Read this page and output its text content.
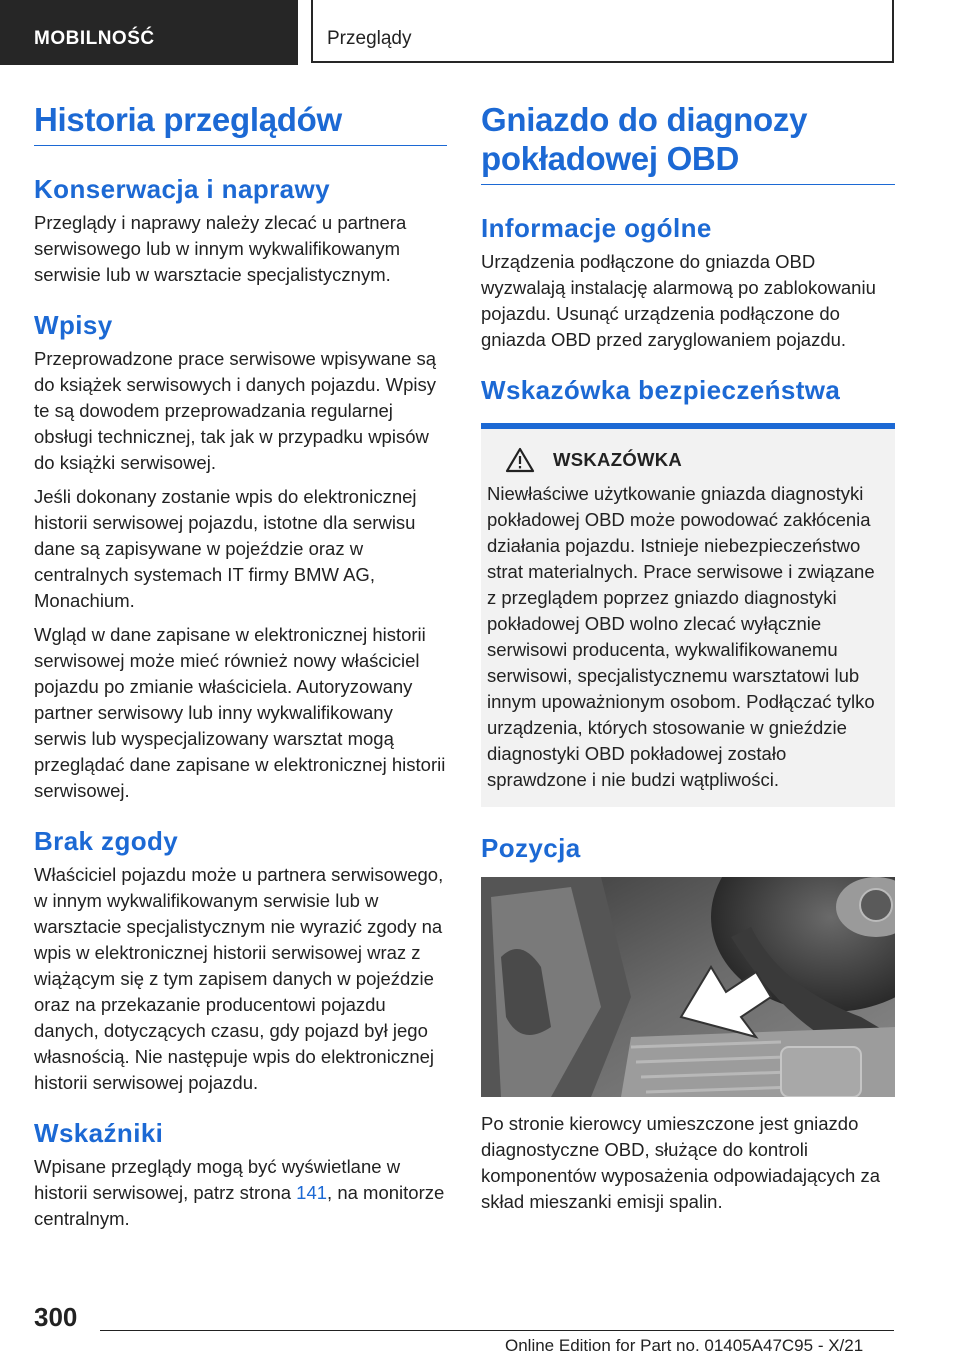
MOBILNOŚĆ	Przeglądy
Historia przeglądów
Konserwacja i naprawy

Przeglądy i naprawy należy zlecać u partnera serwisowego lub w innym wykwalifikowanym serwisie lub w warsztacie specjalistycznym.

Wpisy

Przeprowadzone prace serwisowe wpisywane są do książek serwisowych i danych pojazdu. Wpisy te są dowodem przeprowadzania regularnej obsługi technicznej, tak jak w przypadku wpisów do książki serwisowej.

Jeśli dokonany zostanie wpis do elektronicznej historii serwisowej pojazdu, istotne dla serwisu dane są zapisywane w pojeździe oraz w centralnych systemach IT firmy BMW AG, Monachium.

Wgląd w dane zapisane w elektronicznej historii serwisowej może mieć również nowy właściciel pojazdu po zmianie właściciela. Autoryzowany partner serwisowy lub inny wykwalifikowany serwis lub wyspecjalizowany warsztat mogą przeglądać dane zapisane w elektronicznej historii serwisowej.

Brak zgody

Właściciel pojazdu może u partnera serwisowego, w innym wykwalifikowanym serwisie lub w warsztacie specjalistycznym nie wyrazić zgody na wpis w elektronicznej historii serwisowej wraz z wiążącym się z tym zapisem danych w pojeździe oraz na przekazanie producentowi pojazdu danych, dotyczących czasu, gdy pojazd był jego własnością. Nie następuje wpis do elektronicznej historii serwisowej pojazdu.

Wskaźniki

Wpisane przeglądy mogą być wyświetlane w historii serwisowej, patrz strona 141, na monitorze centralnym.

Gniazdo do diagnozy pokładowej OBD
Informacje ogólne

Urządzenia podłączone do gniazda OBD wyzwalają instalację alarmową po zablokowaniu pojazdu. Usunąć urządzenia podłączone do gniazda OBD przed zaryglowaniem pojazdu.

Wskazówka bezpieczeństwa
WSKAZÓWKA

Niewłaściwe użytkowanie gniazda diagnostyki pokładowej OBD może powodować zakłócenia działania pojazdu. Istnieje niebezpieczeństwo strat materialnych. Prace serwisowe i związane z przeglądem poprzez gniazdo diagnostyki pokładowej OBD wolno zlecać wyłącznie serwisowi producenta, wykwalifikowanemu serwisowi, specjalistycznemu warsztatowi lub innym upoważnionym osobom. Podłączać tylko urządzenia, których stosowanie w gnieździe diagnostyki OBD pokładowej zostało sprawdzone i nie budzi wątpliwości.

Pozycja

Po stronie kierowcy umieszczone jest gniazdo diagnostyczne OBD, służące do kontroli komponentów wyposażenia odpowiadających za skład mieszanki emisji spalin.

300
Online Edition for Part no. 01405A47C95 - X/21
